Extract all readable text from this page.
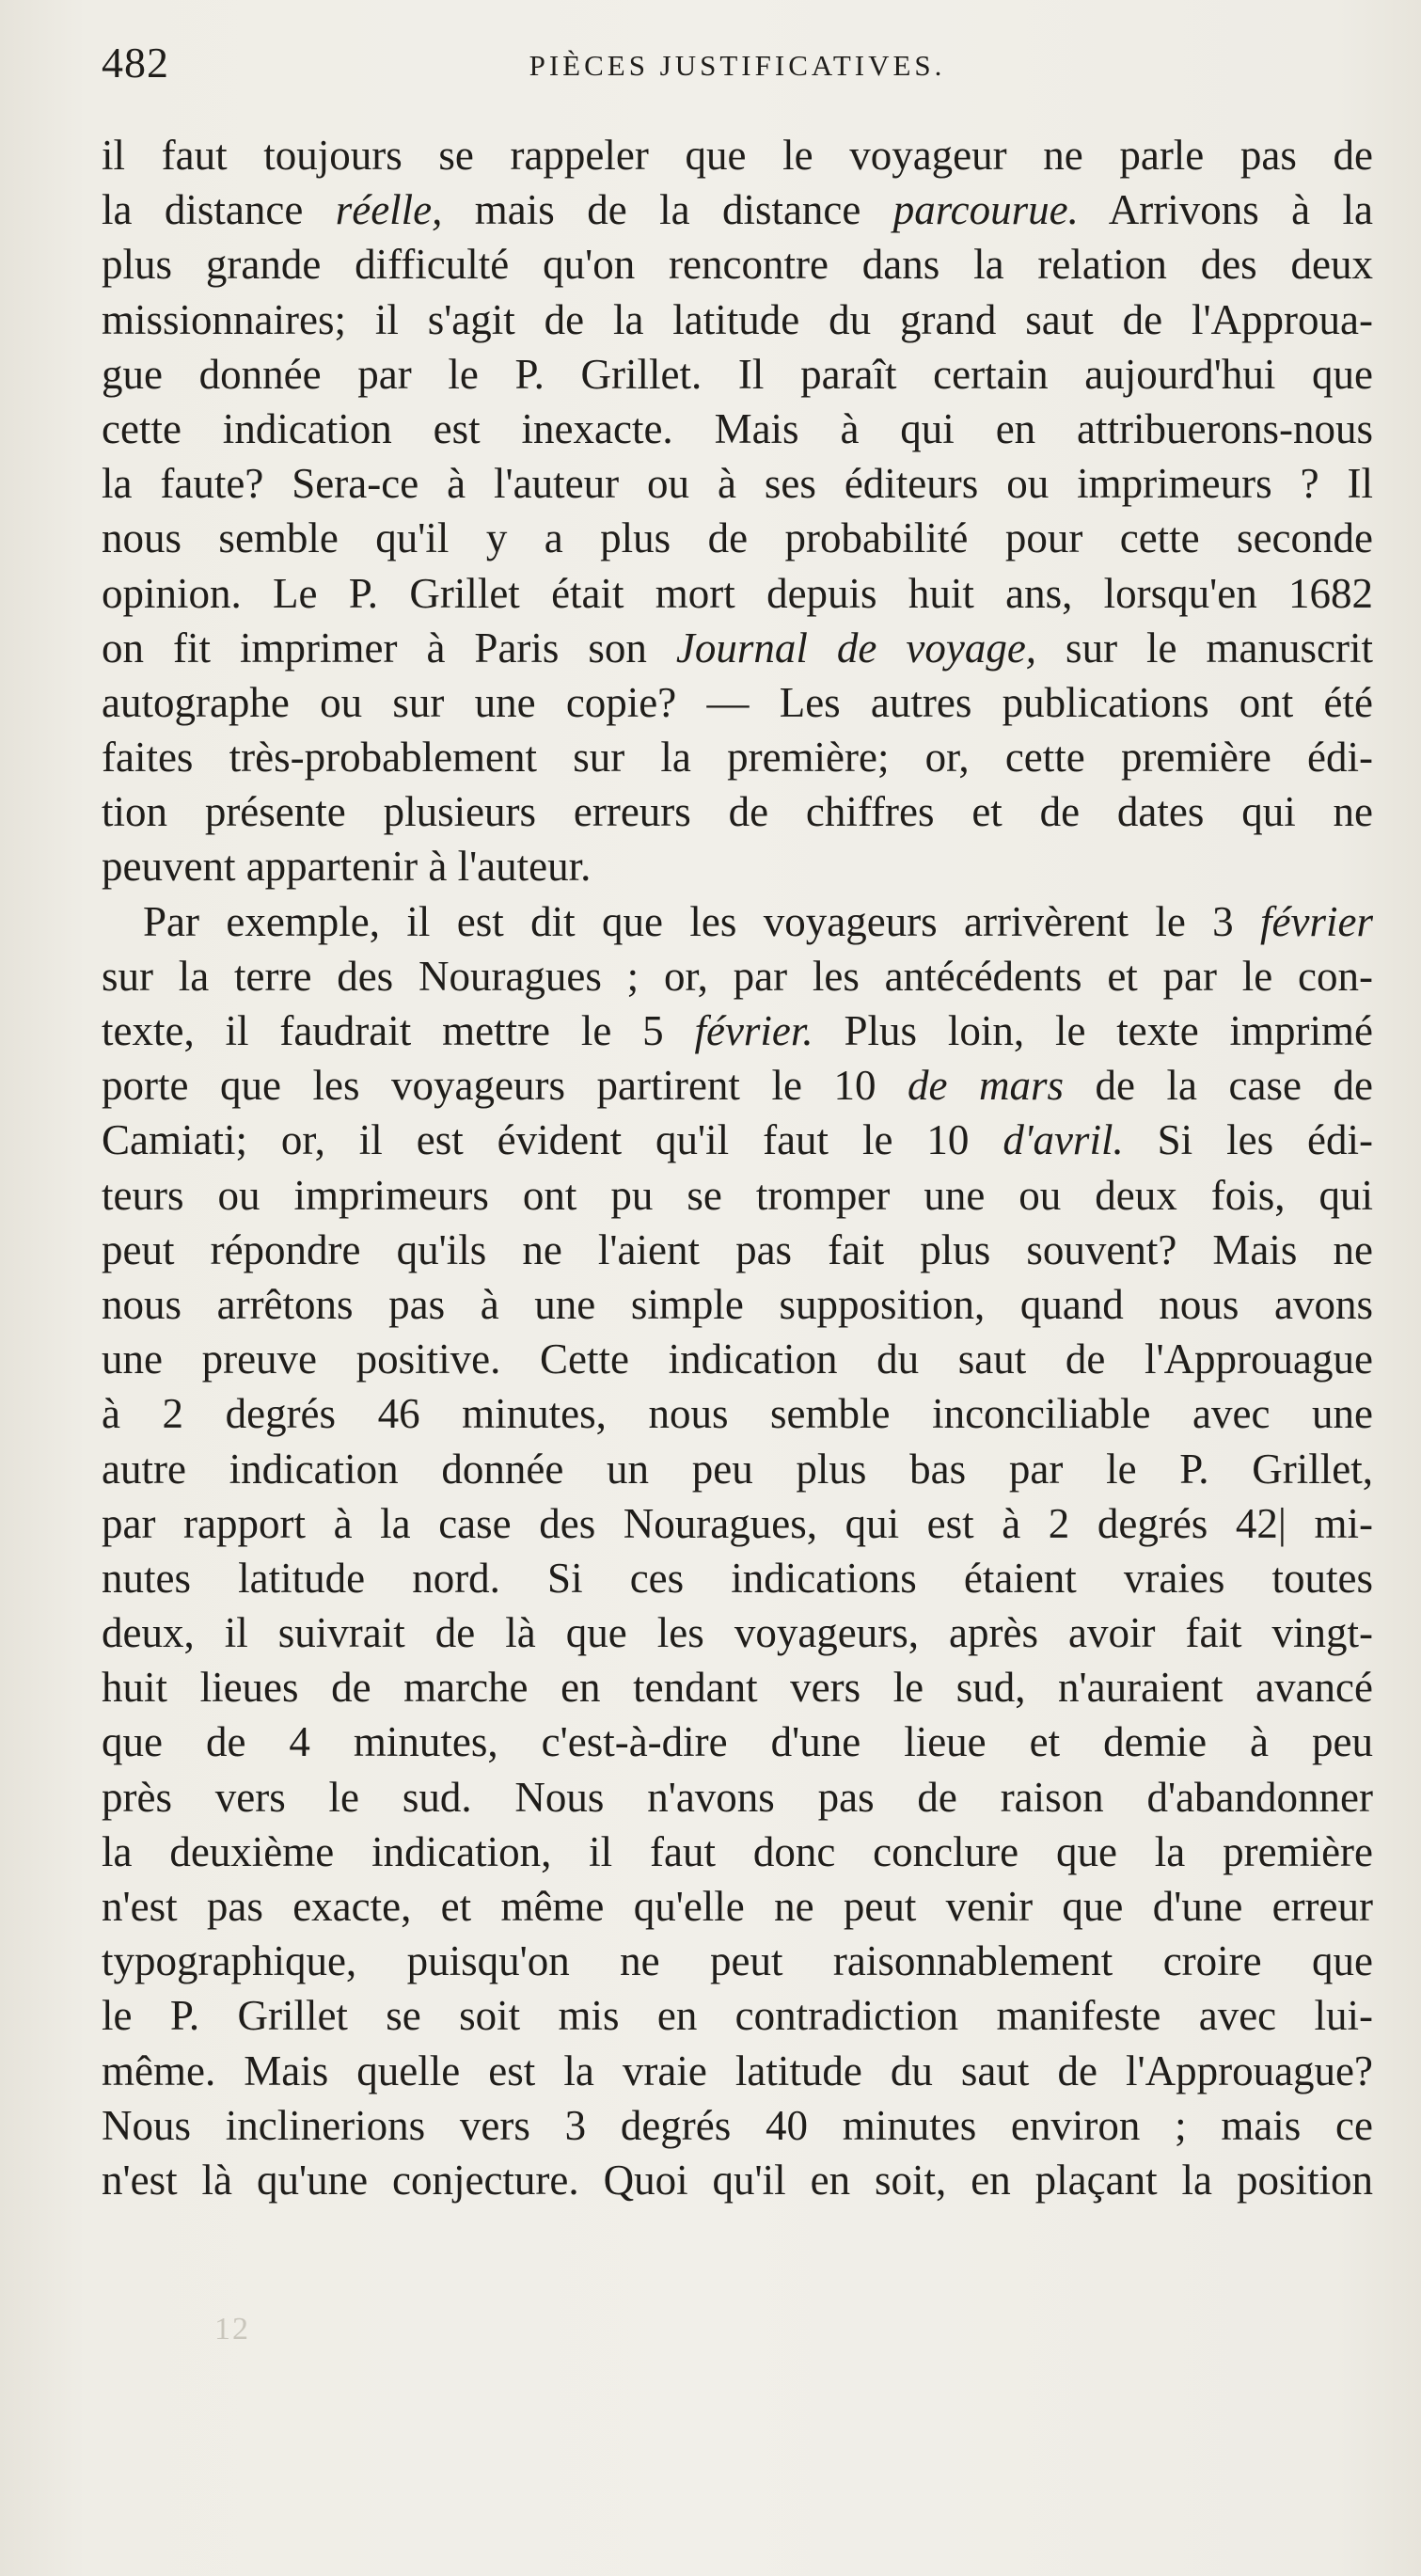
482	PIÈCES JUSTIFICATIVES.
il faut toujours se rappeler que le voyageur ne parle pas de
la distance réelle, mais de la distance parcourue. Arrivons à la
plus grande difficulté qu'on rencontre dans la relation des deux
missionnaires; il s'agit de la latitude du grand saut de l'Approua-
gue donnée par le P. Grillet. Il paraît certain aujourd'hui que
cette indication est inexacte. Mais à qui en attribuerons-nous
la faute? Sera-ce à l'auteur ou à ses éditeurs ou imprimeurs ? Il
nous semble qu'il y a plus de probabilité pour cette seconde
opinion. Le P. Grillet était mort depuis huit ans, lorsqu'en 1682
on fit imprimer à Paris son Journal de voyage, sur le manuscrit
autographe ou sur une copie? — Les autres publications ont été
faites très-probablement sur la première; or, cette première édi-
tion présente plusieurs erreurs de chiffres et de dates qui ne
peuvent appartenir à l'auteur.
Par exemple, il est dit que les voyageurs arrivèrent le 3 février
sur la terre des Nouragues ; or, par les antécédents et par le con-
texte, il faudrait mettre le 5 février. Plus loin, le texte imprimé
porte que les voyageurs partirent le 10 de mars de la case de
Camiati; or, il est évident qu'il faut le 10 d'avril. Si les édi-
teurs ou imprimeurs ont pu se tromper une ou deux fois, qui
peut répondre qu'ils ne l'aient pas fait plus souvent? Mais ne
nous arrêtons pas à une simple supposition, quand nous avons
une preuve positive. Cette indication du saut de l'Approuague
à 2 degrés 46 minutes, nous semble inconciliable avec une
autre indication donnée un peu plus bas par le P. Grillet,
par rapport à la case des Nouragues, qui est à 2 degrés 42| mi-
nutes latitude nord. Si ces indications étaient vraies toutes
deux, il suivrait de là que les voyageurs, après avoir fait vingt-
huit lieues de marche en tendant vers le sud, n'auraient avancé
que de 4 minutes, c'est-à-dire d'une lieue et demie à peu
près vers le sud. Nous n'avons pas de raison d'abandonner
la deuxième indication, il faut donc conclure que la première
n'est pas exacte, et même qu'elle ne peut venir que d'une erreur
typographique, puisqu'on ne peut raisonnablement croire que
le P. Grillet se soit mis en contradiction manifeste avec lui-
même. Mais quelle est la vraie latitude du saut de l'Approuague?
Nous inclinerions vers 3 degrés 40 minutes environ ; mais ce
n'est là qu'une conjecture. Quoi qu'il en soit, en plaçant la position
12
